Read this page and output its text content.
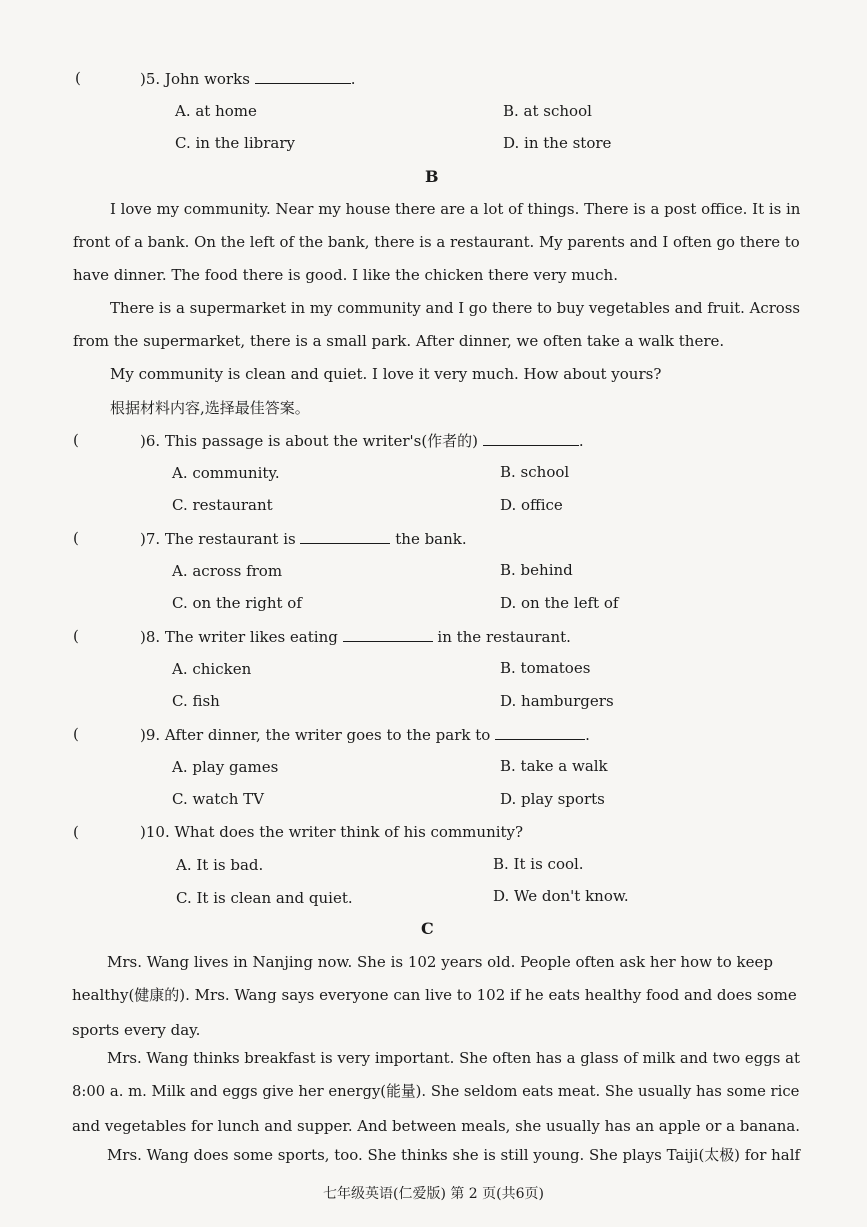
(	)5. John works	.
A. at home	B. at school
C. in the library	D. in the store
B
I love my community. Near my house there are a lot of things. There is a post office. It is in
front of a bank. On the left of the bank, there is a restaurant. My parents and I often go there to
have dinner. The food there is good. I like the chicken there very much.
There is a supermarket in my community and I go there to buy vegetables and fruit. Across
from the supermarket, there is a small park. After dinner, we often take a walk there.
My community is clean and quiet. I love it very much. How about yours?
根据材料内容,选择最佳答案。
(	)6. This passage is about the writer's(作者的)	.
A. community.	B. school
C. restaurant	D. office
(	)7. The restaurant is	the bank.
A. across from	B. behind
C. on the right of	D. on the left of
(	)8. The writer likes eating	in the restaurant.
A. chicken	B. tomatoes
C. fish	D. hamburgers
(	)9. After dinner, the writer goes to the park to	.
A. play games	B. take a walk
C. watch TV	D. play sports
(	)10. What does the writer think of his community?
A. It is bad.	B. It is cool.
C. It is clean and quiet.	D. We don't know.
C
Mrs. Wang lives in Nanjing now. She is 102 years old. People often ask her how to keep
healthy(健康的). Mrs. Wang says everyone can live to 102 if he eats healthy food and does some
sports every day.
Mrs. Wang thinks breakfast is very important. She often has a glass of milk and two eggs at
8:00 a. m. Milk and eggs give her energy(能量). She seldom eats meat. She usually has some rice
and vegetables for lunch and supper. And between meals, she usually has an apple or a banana.
Mrs. Wang does some sports, too. She thinks she is still young. She plays Taiji(太极) for half
七年级英语(仁爱版) 第 2 页(共6页)
